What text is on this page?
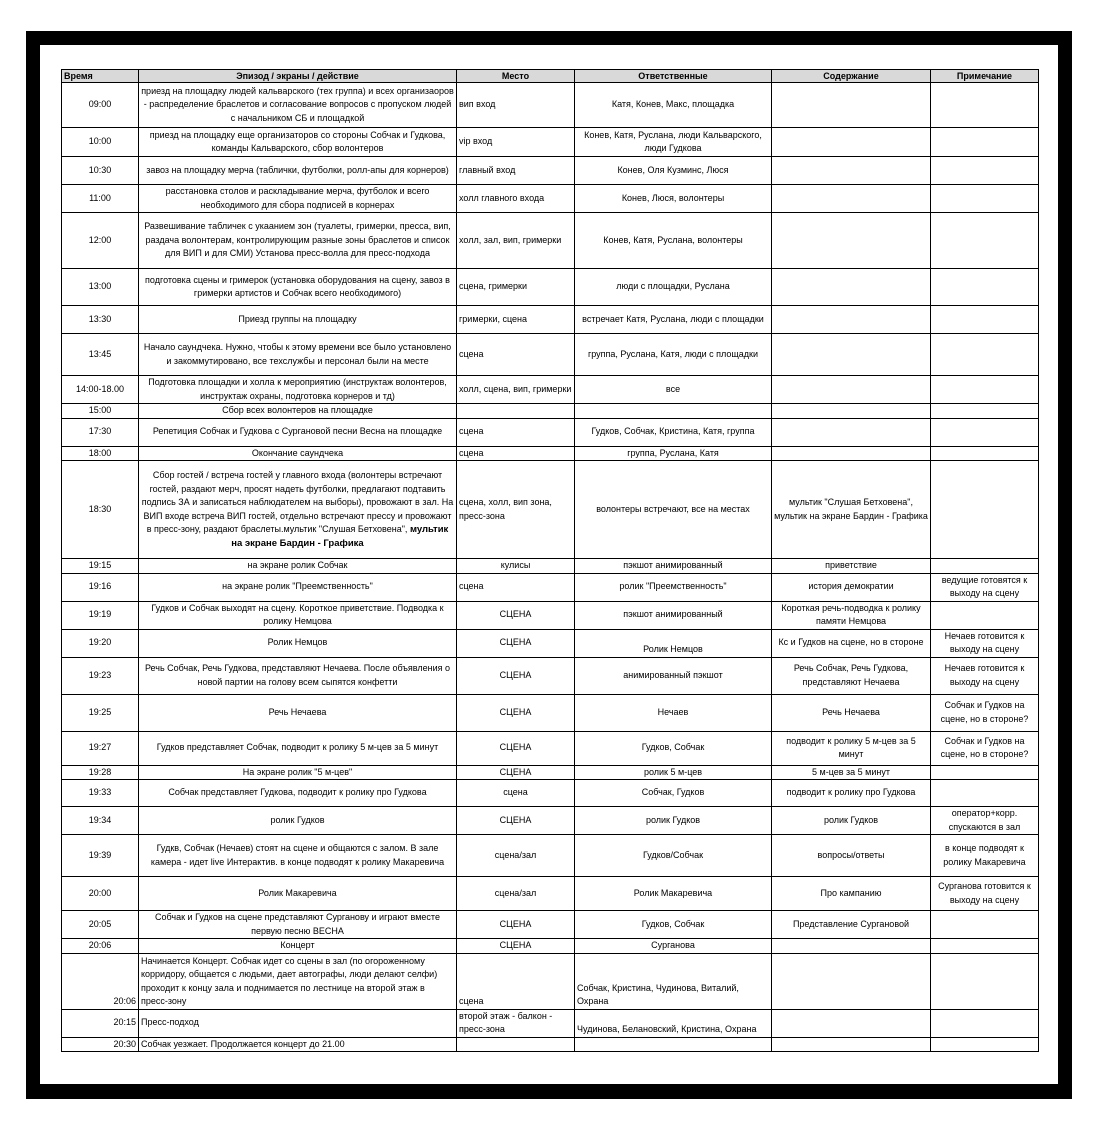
Время	Эпизод / экраны / действие	Место	Ответственные	Содержание	Примечание
09:00	приезд на площадку людей кальварского (тех группа) и всех организаоров - распределение браслетов и согласование вопросов с пропуском людей с начальником СБ и площадкой	вип вход	Катя, Конев, Макс, площадка		
10:00	приезд на площадку еще организаторов со стороны Собчак и Гудкова, команды Кальварского, сбор волонтеров	vip вход	Конев, Катя, Руслана, люди Кальварского, люди Гудкова		
10:30	завоз на площадку мерча (таблички, футболки, ролл-апы для корнеров)	главный вход	Конев, Оля Кузминс, Люся		
11:00	расстановка столов и раскладывание мерча, футболок и всего необходимого для сбора подписей в корнерах	холл главного входа	Конев, Люся, волонтеры		
12:00	Развешивание табличек с укаанием зон (туалеты, гримерки, пресса, вип, раздача волонтерам, контролирующим разные зоны браслетов и список для ВИП и для СМИ) Установа пресс-волла для пресс-подхода	холл, зал, вип, гримерки	Конев, Катя, Руслана, волонтеры		
13:00	подготовка сцены и гримерок (установка оборудования на сцену, завоз в гримерки артистов и Собчак всего необходимого)	сцена, гримерки	люди с площадки, Руслана		
13:30	Приезд группы на площадку	гримерки, сцена	встречает Катя, Руслана, люди с площадки		
13:45	Начало саундчека. Нужно, чтобы к этому времени все было установлено и закоммутировано, все техслужбы и персонал были на месте	сцена	группа, Руслана, Катя, люди с площадки		
14:00-18.00	Подготовка площадки и холла к мероприятию (инструктаж волонтеров, инструктаж охраны, подготовка корнеров и тд)	холл, сцена, вип, гримерки	все		
15:00	Сбор всех волонтеров на площадке				
17:30	Репетиция Собчак и Гудкова с Сургановой песни Весна на площадке	сцена	Гудков, Собчак, Кристина, Катя, группа		
18:00	Окончание саундчека	сцена	группа, Руслана, Катя		
18:30	Сбор гостей / встреча гостей у главного входа (волонтеры встречают гостей, раздают мерч, просят надеть футболки, предлагают подтавить подпись ЗА и записаться наблюдателем на выборы), провожают в зал. На ВИП входе встреча ВИП гостей, отдельно встречают прессу и провожают в пресс-зону, раздают браслеты.мультик "Слушая Бетховена", мультик на экране Бардин - Графика	сцена, холл, вип зона, пресс-зона	волонтеры встречают, все на местах	мультик "Слушая Бетховена", мультик на экране Бардин - Графика	
19:15	на экране ролик Собчак	кулисы	пэкшот анимированный	приветствие	
19:16	на экране ролик "Преемственность"	сцена	ролик "Преемственность"	история демократии	ведущие готовятся к выходу на сцену
19:19	Гудков и Собчак выходят на сцену. Короткое приветствие. Подводка к ролику Немцова	СЦЕНА	пэкшот анимированный	Короткая речь-подводка к ролику памяти Немцова	
19:20	Ролик Немцов	СЦЕНА	Ролик Немцов	Кс и Гудков на сцене, но в стороне	Нечаев готовится к выходу на сцену
19:23	Речь Собчак, Речь Гудкова, представляют Нечаева. После объявления о новой партии на голову всем сыпятся конфетти	СЦЕНА	анимированный пэкшот	Речь Собчак, Речь Гудкова, представляют Нечаева	Нечаев готовится к выходу на сцену
19:25	Речь Нечаева	СЦЕНА	Нечаев	Речь Нечаева	Собчак и Гудков на сцене, но в стороне?
19:27	Гудков представляет Собчак, подводит к ролику 5 м-цев за 5 минут	СЦЕНА	Гудков, Собчак	подводит к ролику 5 м-цев за 5 минут	Собчак и Гудков на сцене, но в стороне?
19:28	На экране ролик "5 м-цев"	СЦЕНА	ролик 5 м-цев	5 м-цев за 5 минут	
19:33	Собчак представляет Гудкова, подводит к ролику про Гудкова	сцена	Собчак, Гудков	подводит к ролику про Гудкова	
19:34	ролик Гудков	СЦЕНА	ролик Гудков	ролик Гудков	оператор+корр. спускаются в зал
19:39	Гудкв, Собчак (Нечаев) стоят на сцене и общаются с залом. В зале камера - идет live Интерактив. в конце подводят к ролику Макаревича	сцена/зал	Гудков/Собчак	вопросы/ответы	в конце подводят к ролику Макаревича
20:00	Ролик Макаревича	сцена/зал	Ролик Макаревича	Про кампанию	Сурганова готовится к выходу на сцену
20:05	Собчак и Гудков на сцене представляют Сурганову и играют вместе первую песню ВЕСНА	СЦЕНА	Гудков, Собчак	Представление Сургановой	
20:06	Концерт	СЦЕНА	Сурганова		
20:06	Начинается Концерт. Собчак идет со сцены в зал (по огороженному корридору, общается с людьми, дает автографы, люди делают селфи) проходит к концу зала и поднимается по лестнице на второй этаж в пресс-зону	сцена	Собчак, Кристина, Чудинова, Виталий, Охрана		
20:15	Пресс-подход	второй этаж - балкон - пресс-зона	Чудинова, Белановский, Кристина, Охрана		
20:30	Собчак уезжает. Продолжается концерт до 21.00				
